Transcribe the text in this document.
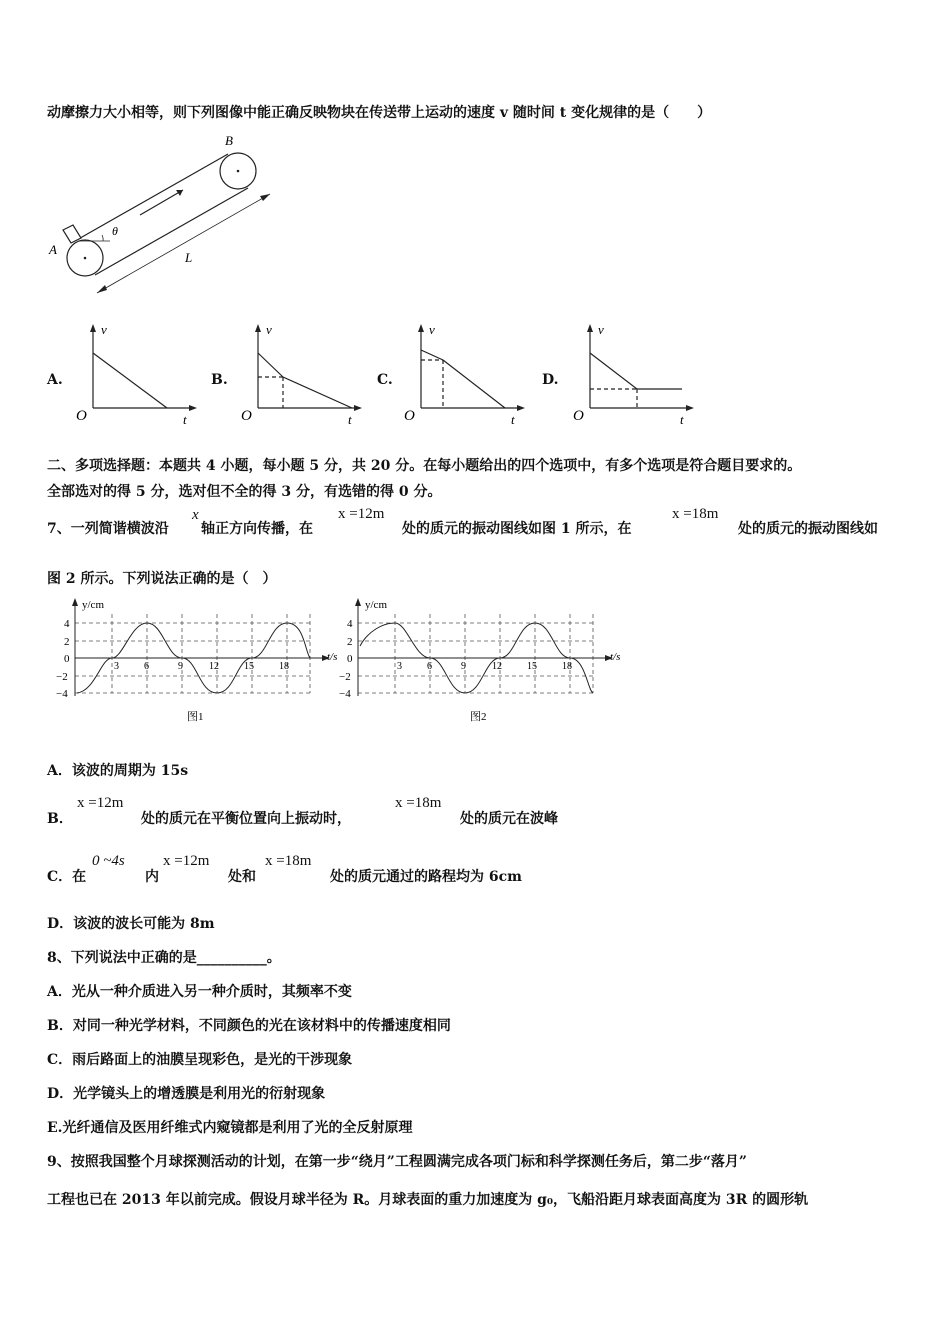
动摩擦力大小相等，则下列图像中能正确反映物块在传送带上运动的速度 v 随时间 t 变化规律的是（　　）
A
B
L
θ
A.
v
t
O
B.
v
t
O
C.
v
t
O
D.
v
t
O
二、多项选择题：本题共 4 小题，每小题 5 分，共 20 分。在每小题给出的四个选项中，有多个选项是符合题目要求的。
全部选对的得 5 分，选对但不全的得 3 分，有选错的得 0 分。
7、一列简谐横波沿
x
轴正方向传播，在
x =12m
处的质元的振动图线如图 1 所示，在
x =18m
处的质元的振动图线如
图 2 所示。下列说法正确的是（　）
y/cm
t/s
4
2
0
−2
−4
3	6	9	12	15	18
图1
y/cm
t/s
4
2
0
−2
−4
3	6	9	12	15	18
图2
A．该波的周期为 15s
B．
x =12m
处的质元在平衡位置向上振动时，
x =18m
处的质元在波峰
C．在
0 ~4s
内
x =12m
处和
x =18m
处的质元通过的路程均为 6cm
D．该波的波长可能为 8m
8、下列说法中正确的是__________。
A．光从一种介质进入另一种介质时，其频率不变
B．对同一种光学材料，不同颜色的光在该材料中的传播速度相同
C．雨后路面上的油膜呈现彩色，是光的干涉现象
D．光学镜头上的增透膜是利用光的衍射现象
E.光纤通信及医用纤维式内窥镜都是利用了光的全反射原理
9、按照我国整个月球探测活动的计划，在第一步“绕月”工程圆满完成各项门标和科学探测任务后，第二步“落月”
工程也已在 2013 年以前完成。假设月球半径为 R。月球表面的重力加速度为 g₀，飞船沿距月球表面高度为 3R 的圆形轨
